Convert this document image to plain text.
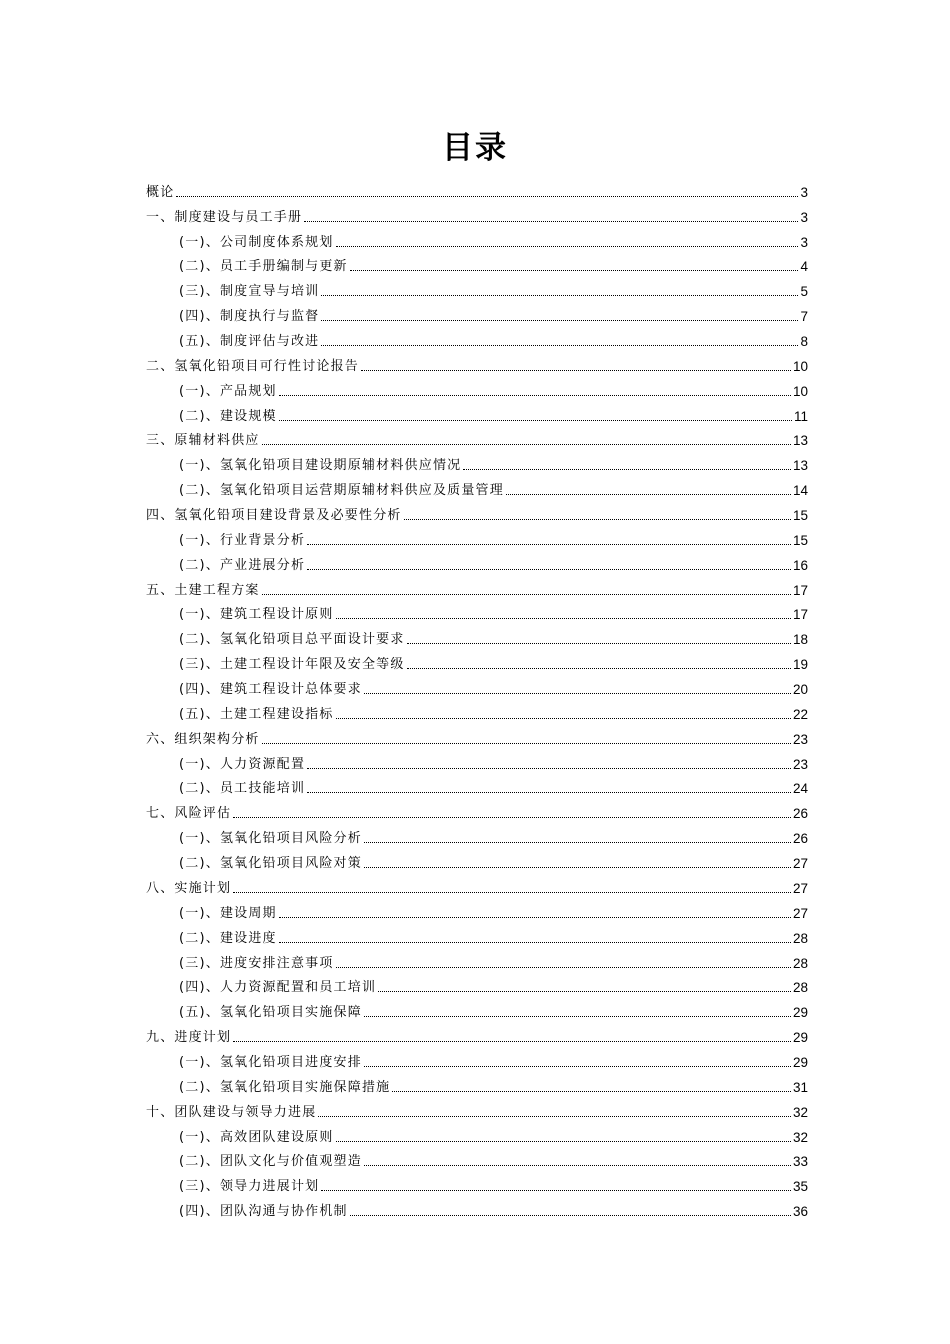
目录
概论	3
一、制度建设与员工手册	3
(一)、公司制度体系规划	3
(二)、员工手册编制与更新	4
(三)、制度宣导与培训	5
(四)、制度执行与监督	7
(五)、制度评估与改进	8
二、氢氧化铅项目可行性讨论报告	10
(一)、产品规划	10
(二)、建设规模	11
三、原辅材料供应	13
(一)、氢氧化铅项目建设期原辅材料供应情况	13
(二)、氢氧化铅项目运营期原辅材料供应及质量管理	14
四、氢氧化铅项目建设背景及必要性分析	15
(一)、行业背景分析	15
(二)、产业进展分析	16
五、土建工程方案	17
(一)、建筑工程设计原则	17
(二)、氢氧化铅项目总平面设计要求	18
(三)、土建工程设计年限及安全等级	19
(四)、建筑工程设计总体要求	20
(五)、土建工程建设指标	22
六、组织架构分析	23
(一)、人力资源配置	23
(二)、员工技能培训	24
七、风险评估	26
(一)、氢氧化铅项目风险分析	26
(二)、氢氧化铅项目风险对策	27
八、实施计划	27
(一)、建设周期	27
(二)、建设进度	28
(三)、进度安排注意事项	28
(四)、人力资源配置和员工培训	28
(五)、氢氧化铅项目实施保障	29
九、进度计划	29
(一)、氢氧化铅项目进度安排	29
(二)、氢氧化铅项目实施保障措施	31
十、团队建设与领导力进展	32
(一)、高效团队建设原则	32
(二)、团队文化与价值观塑造	33
(三)、领导力进展计划	35
(四)、团队沟通与协作机制	36
